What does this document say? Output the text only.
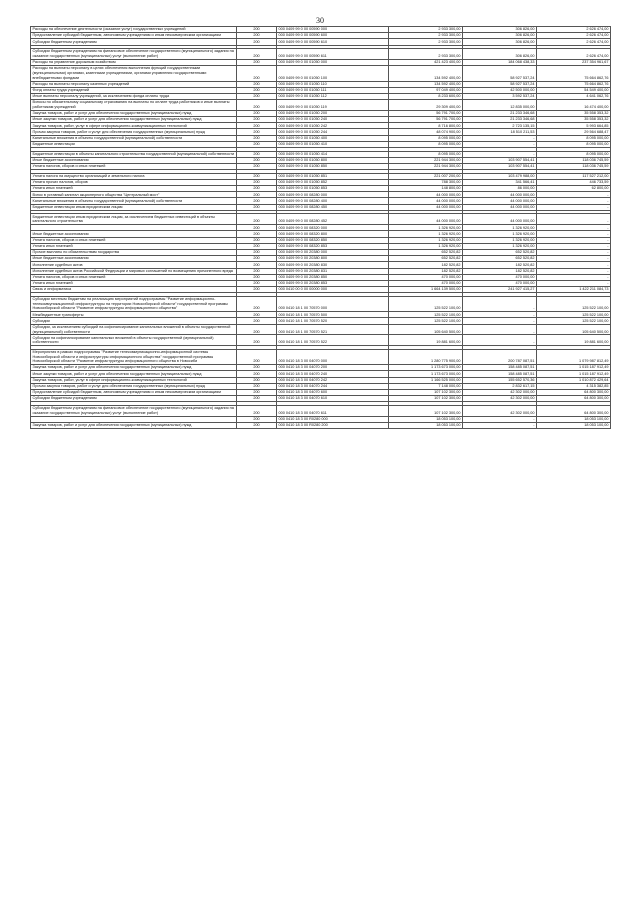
30
Расходы на обеспечение деятельности (оказание услуг) государственных учреждений	200	000 0409 99 0 00 00590 000	2 933 300,00	306 826,00	2 626 474,00
Предоставление субсидий бюджетным, автономным учреждениям и иным некоммерческим организациям	200	000 0409 99 0 00 00590 600	2 933 300,00	306 826,00	2 626 474,00
Субсидии бюджетным учреждениям	200	000 0409 99 0 00 00590 610	2 933 300,00	306 826,00	2 626 474,00

Субсидии бюджетным учреждениям на финансовое обеспечение государственного (муниципального) задания на оказание государственных (муниципальных) услуг (выполнение работ)	200	000 0409 99 0 00 00590 611	2 933 300,00	306 826,00	2 626 474,00
Расходы на управление дорожным хозяйством	200	000 0409 99 0 00 01050 000	421 423 400,00	184 068 438,33	237 354 961,67
Расходы на выплаты персоналу в целях обеспечения выполнения функций государственными (муниципальными) органами, казенными учреждениями, органами управления государственными внебюджетными фондами	200	000 0409 99 0 00 01050 100	134 592 400,00	58 927 537,24	75 664 862,76
Расходы на выплаты персоналу казенных учреждений	200	000 0409 99 0 00 01050 110	134 592 400,00	58 927 537,24	75 664 862,76
Фонд оплаты труда учреждений	200	000 0409 99 0 00 01050 111	97 049 400,00	42 500 000,00	54 549 400,00
Иные выплаты персоналу учреждений, за исключением фонда оплаты труда	200	000 0409 99 0 00 01050 112	8 233 600,00	3 592 537,24	4 641 062,76
Взносы по обязательному социальному страхованию на выплаты по оплате труда работников и иные выплаты работникам учреждений	200	000 0409 99 0 00 01050 119	29 309 400,00	12 835 000,00	16 474 400,00
Закупка товаров, работ и услуг для обеспечения государственных (муниципальных) нужд	200	000 0409 99 0 00 01050 200	56 791 700,00	21 233 346,68	35 558 353,32
Иные закупки товаров, работ и услуг для обеспечения государственных (муниципальных) нужд	200	000 0409 99 0 00 01050 240	56 791 700,00	21 233 346,68	35 558 353,32
Закупка товаров, работ, услуг в сфере информационно-коммуникационных технологий	200	000 0409 99 0 00 01050 242	8 716 800,00	2 723 135,15	5 993 664,85
Прочая закупка товаров, работ и услуг для обеспечения государственных (муниципальных) нужд	200	000 0409 99 0 00 01050 244	48 074 900,00	18 510 211,53	29 564 688,47
Капитальные вложения в объекты государственной (муниципальной) собственности	200	000 0409 99 0 00 01050 400	8 095 000,00	-	8 095 000,00
Бюджетные инвестиции	200	000 0409 99 0 00 01050 410	8 095 000,00	-	8 095 000,00

Бюджетные инвестиции в объекты капитального строительства государственной (муниципальной) собственности	200	000 0409 99 0 00 01050 414	8 095 000,00	-	8 095 000,00
Иные бюджетные ассигнования	200	000 0409 99 0 00 01050 800	221 944 300,00	103 907 554,41	118 036 745,59
Уплата налогов, сборов и иных платежей	200	000 0409 99 0 00 01050 850	221 944 300,00	103 907 554,41	118 036 745,59

Уплата налога на имущество организаций и земельного налога	200	000 0409 99 0 00 01050 851	221 007 200,00	103 479 988,00	117 527 212,00
Уплата прочих налогов, сборов	200	000 0409 99 0 00 01050 852	788 300,00	341 566,41	446 733,59
Уплата иных платежей	200	000 0409 99 0 00 01050 853	148 800,00	86 000,00	62 800,00
Взнос в уставный капитал акционерного общества "Центральный мост"	200	000 0409 99 0 00 08280 000	44 000 000,00	44 000 000,00	-
Капитальные вложения в объекты государственной (муниципальной) собственности	200	000 0409 99 0 00 08280 400	44 000 000,00	44 000 000,00	-
Бюджетные инвестиции иным юридическим лицам	200	000 0409 99 0 00 08280 450	44 000 000,00	44 000 000,00	-

Бюджетные инвестиции иным юридическим лицам, за исключением бюджетных инвестиций в объекты капитального строительства	200	000 0409 99 0 00 08280 452	44 000 000,00	44 000 000,00	-
	200	000 0409 99 0 00 08320 000	1 326 920,00	1 326 920,00	-
Иные бюджетные ассигнования	200	000 0409 99 0 00 08320 800	1 326 920,00	1 326 920,00	-
Уплата налогов, сборов и иных платежей	200	000 0409 99 0 00 08320 850	1 326 920,00	1 326 920,00	-
Уплата иных платежей	200	000 0409 99 0 00 08320 853	1 326 920,00	1 326 920,00	-
Прочие выплаты по обязательствам государства	200	000 0409 99 0 00 20380 000	652 520,82	652 520,82	-
Иные бюджетные ассигнования	200	000 0409 99 0 00 20380 800	652 520,82	652 520,82	-
Исполнение судебных актов	200	000 0409 99 0 00 20380 830	182 520,82	182 520,82	-
Исполнение судебных актов Российской Федерации и мировых соглашений по возмещению причиненного вреда	200	000 0409 99 0 00 20380 831	182 520,82	182 520,82	-
Уплата налогов, сборов и иных платежей	200	000 0409 99 0 00 20380 850	470 000,00	470 000,00	-
Уплата иных платежей	200	000 0409 99 0 00 20380 853	470 000,00	470 000,00	-
Связь и информатика	200	000 0410 00 0 00 00000 000	1 664 139 500,00	241 927 415,27	1 422 211 084,73

Субсидии местным бюджетам на реализацию мероприятий подпрограммы "Развитие информационно-телекоммуникационной инфраструктуры на территории Новосибирской области" государственной программы Новосибирской области "Развитие инфраструктуры информационного общества"	200	000 0410 18 1 00 70570 000	125 522 100,00	-	125 522 100,00
Межбюджетные трансферты	200	000 0410 18 1 00 70570 500	125 522 100,00	-	125 522 100,00
Субсидии	200	000 0410 18 1 00 70570 520	125 522 100,00	-	125 522 100,00
Субсидии, за исключением субсидий на софинансирование капитальных вложений в объекты государственной (муниципальной) собственности	200	000 0410 18 1 00 70570 521	105 640 500,00	-	105 640 500,00
Субсидии на софинансирование капитальных вложений в объекты государственной (муниципальной) собственности	200	000 0410 18 1 00 70570 522	19 881 600,00	-	19 881 600,00

Мероприятия в рамках подпрограммы "Развитие телекоммуникационно-информационной системы Новосибирской области и инфраструктуры информационного общества" государственной программы Новосибирской области "Развитие инфраструктуры информационного общества в Новосиби	200	000 0410 18 3 00 04070 000	1 280 775 900,00	200 787 087,51	1 079 987 812,49
Закупка товаров, работ и услуг для обеспечения государственных (муниципальных) нужд	200	000 0410 18 3 00 04070 200	1 173 673 000,00	158 485 087,51	1 015 187 912,49
Иные закупки товаров, работ и услуг для обеспечения государственных (муниципальных) нужд	200	000 0410 18 3 00 04070 240	1 173 673 000,00	158 485 087,51	1 015 187 912,49
Закупка товаров, работ, услуг в сфере информационно-коммуникационных технологий	200	000 0410 18 3 00 04070 242	1 166 525 000,00	155 652 570,36	1 010 872 429,64
Прочая закупка товаров, работ и услуг для обеспечения государственных (муниципальных) нужд	200	000 0410 18 3 00 04070 244	7 148 000,00	2 832 617,15	4 315 382,85
Предоставление субсидий бюджетным, автономным учреждениям и иным некоммерческим организациям	200	000 0410 18 3 00 04070 600	107 102 300,00	42 302 000,00	64 800 300,00
Субсидии бюджетным учреждениям	200	000 0410 18 3 00 04070 610	107 102 300,00	42 302 000,00	64 800 300,00

Субсидии бюджетным учреждениям на финансовое обеспечение государственного (муниципального) задания на оказание государственных (муниципальных) услуг (выполнение работ)	200	000 0410 18 3 00 04070 611	107 102 300,00	42 302 000,00	64 800 300,00
	200	000 0410 18 3 00 R0280 000	18 053 100,00	-	18 053 100,00
Закупка товаров, работ и услуг для обеспечения государственных (муниципальных) нужд	200	000 0410 18 3 00 R0280 200	18 053 100,00	-	18 053 100,00
